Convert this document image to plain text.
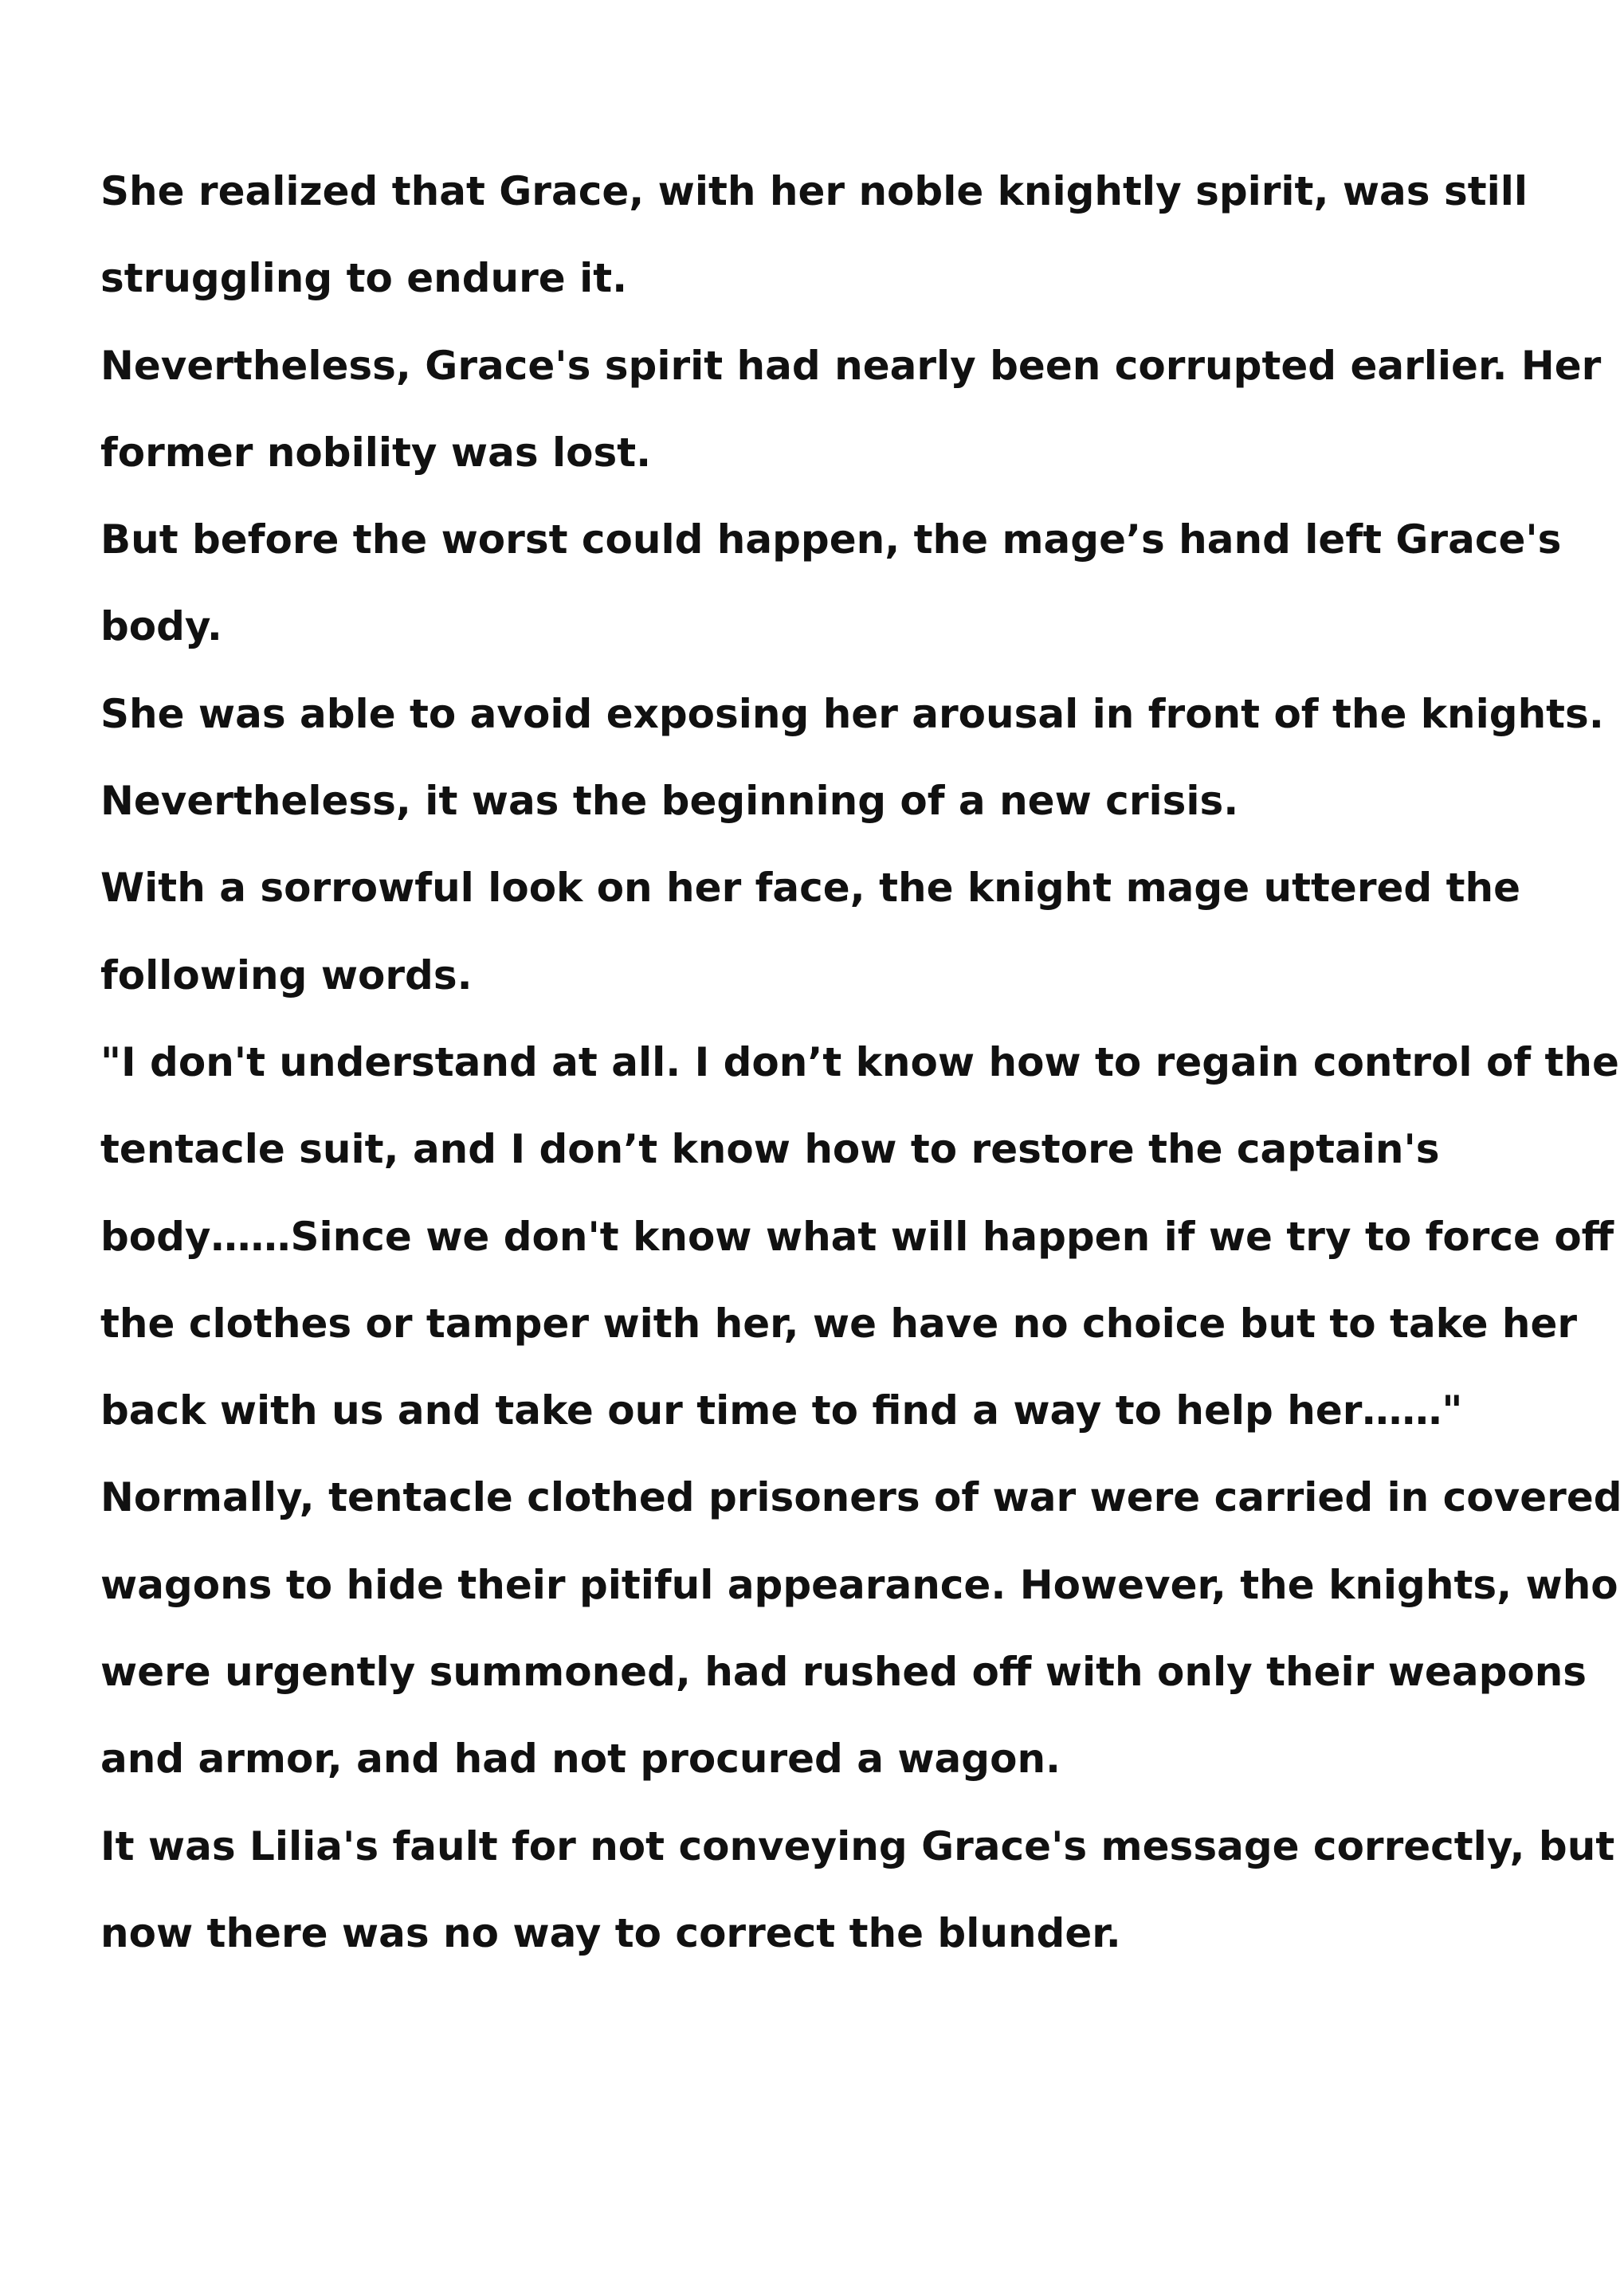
She realized that Grace, with her noble knightly spirit, was still
struggling to endure it.
Nevertheless, Grace's spirit had nearly been corrupted earlier. Her
former nobility was lost.
But before the worst could happen, the mage’s hand left Grace's
body.
She was able to avoid exposing her arousal in front of the knights.
Nevertheless, it was the beginning of a new crisis.
With a sorrowful look on her face, the knight mage uttered the
following words.
"I don't understand at all. I don’t know how to regain control of the
tentacle suit, and I don’t know how to restore the captain's
body……Since we don't know what will happen if we try to force off
the clothes or tamper with her, we have no choice but to take her
back with us and take our time to find a way to help her……"
Normally, tentacle clothed prisoners of war were carried in covered
wagons to hide their pitiful appearance. However, the knights, who
were urgently summoned, had rushed off with only their weapons
and armor, and had not procured a wagon.
It was Lilia's fault for not conveying Grace's message correctly, but
now there was no way to correct the blunder.
